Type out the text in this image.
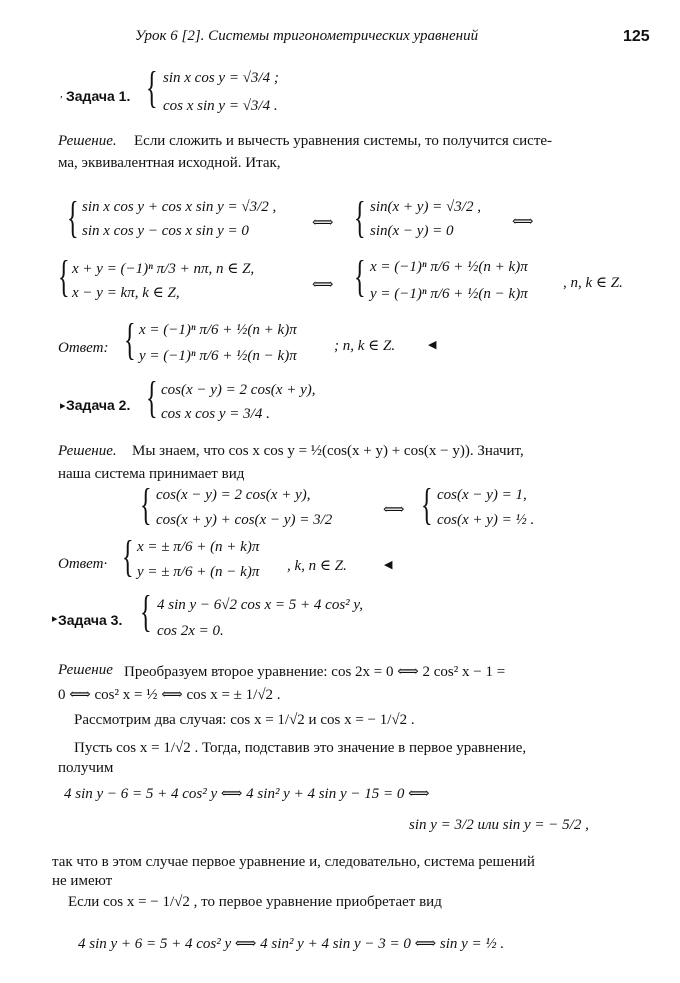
Урок 6 [2]. Системы тригонометрических уравнений	125
, Задача 1. { sin x cos y = √3/4 ;
cos x sin y = √3/4 .
Решение. Если сложить и вычесть уравнения системы, то получится систе-
ма, эквивалентная исходной. Итак,
{ sin x cos y + cos x sin y = √3/2 ,
sin x cos y − cos x sin y = 0	⟺ { sin(x + y) = √3/2 ,
sin(x − y) = 0
⟺
{ x + y = (−1)ⁿ π/3 + nπ, n ∈ Z,
x − y = kπ, k ∈ Z,	⟺ { x = (−1)ⁿ π/6 + ½(n + k)π
y = (−1)ⁿ π/6 + ½(n − k)π
, n, k ∈ Z.
Ответ: { x = (−1)ⁿ π/6 + ½(n + k)π
y = (−1)ⁿ π/6 + ½(n − k)π
; n, k ∈ Z.	◀
▸ Задача 2. { cos(x − y) = 2 cos(x + y),
cos x cos y = 3/4 .
Решение. Мы знаем, что cos x cos y = ½(cos(x + y) + cos(x − y)). Значит,
наша система принимает вид
{ cos(x − y) = 2 cos(x + y),
cos(x + y) + cos(x − y) = 3/2
⟺ { cos(x − y) = 1,
cos(x + y) = ½ .
Ответ· { x = ± π/6 + (n + k)π
y = ± π/6 + (n − k)π , k, n ∈ Z.	◀
▸ Задача 3. { 4 sin y − 6√2 cos x = 5 + 4 cos² y,
cos 2x = 0.
Решение Преобразуем второе уравнение: cos 2x = 0 ⟺ 2 cos² x − 1 =
0 ⟺ cos² x = ½ ⟺ cos x = ± 1/√2 .
Рассмотрим два случая: cos x = 1/√2 и cos x = − 1/√2 .
Пусть cos x = 1/√2 . Тогда, подставив это значение в первое уравнение,
получим
4 sin y − 6 = 5 + 4 cos² y ⟺ 4 sin² y + 4 sin y − 15 = 0 ⟺
sin y = 3/2 или sin y = − 5/2 ,
так что в этом случае первое уравнение и, следовательно, система решений
не имеют
Если cos x = − 1/√2 , то первое уравнение приобретает вид
4 sin y + 6 = 5 + 4 cos² y ⟺ 4 sin² y + 4 sin y − 3 = 0 ⟺ sin y = ½ .
